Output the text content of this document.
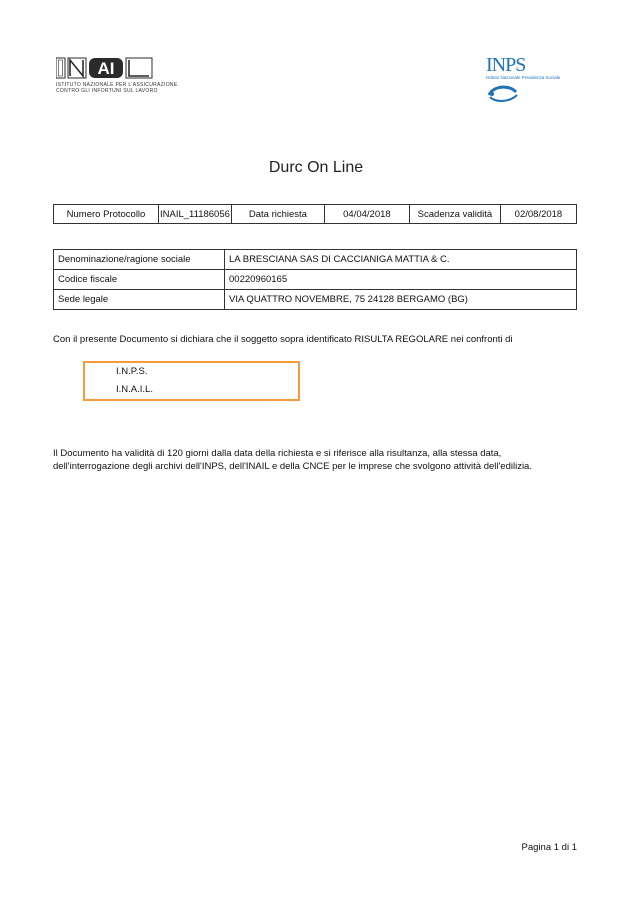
AI
ISTITUTO NAZIONALE PER L'ASSICURAZIONE
CONTRO GLI INFORTUNI SUL LAVORO
INPS
Istituto Nazionale Previdenza Sociale
Durc On Line
Numero Protocollo	INAIL_11186056	Data richiesta	04/04/2018	Scadenza validità	02/08/2018
Denominazione/ragione sociale	LA BRESCIANA SAS DI CACCIANIGA MATTIA & C.
Codice fiscale	00220960165
Sede legale	VIA QUATTRO NOVEMBRE, 75 24128 BERGAMO (BG)
Con il presente Documento si dichiara che il soggetto sopra identificato RISULTA REGOLARE nei confronti di
I.N.P.S.
I.N.A.I.L.
Il Documento ha validità di 120 giorni dalla data della richiesta e si riferisce alla risultanza, alla stessa data,
dell'interrogazione degli archivi dell'INPS, dell'INAIL e della CNCE per le imprese che svolgono attività dell'edilizia.
Pagina 1 di 1
